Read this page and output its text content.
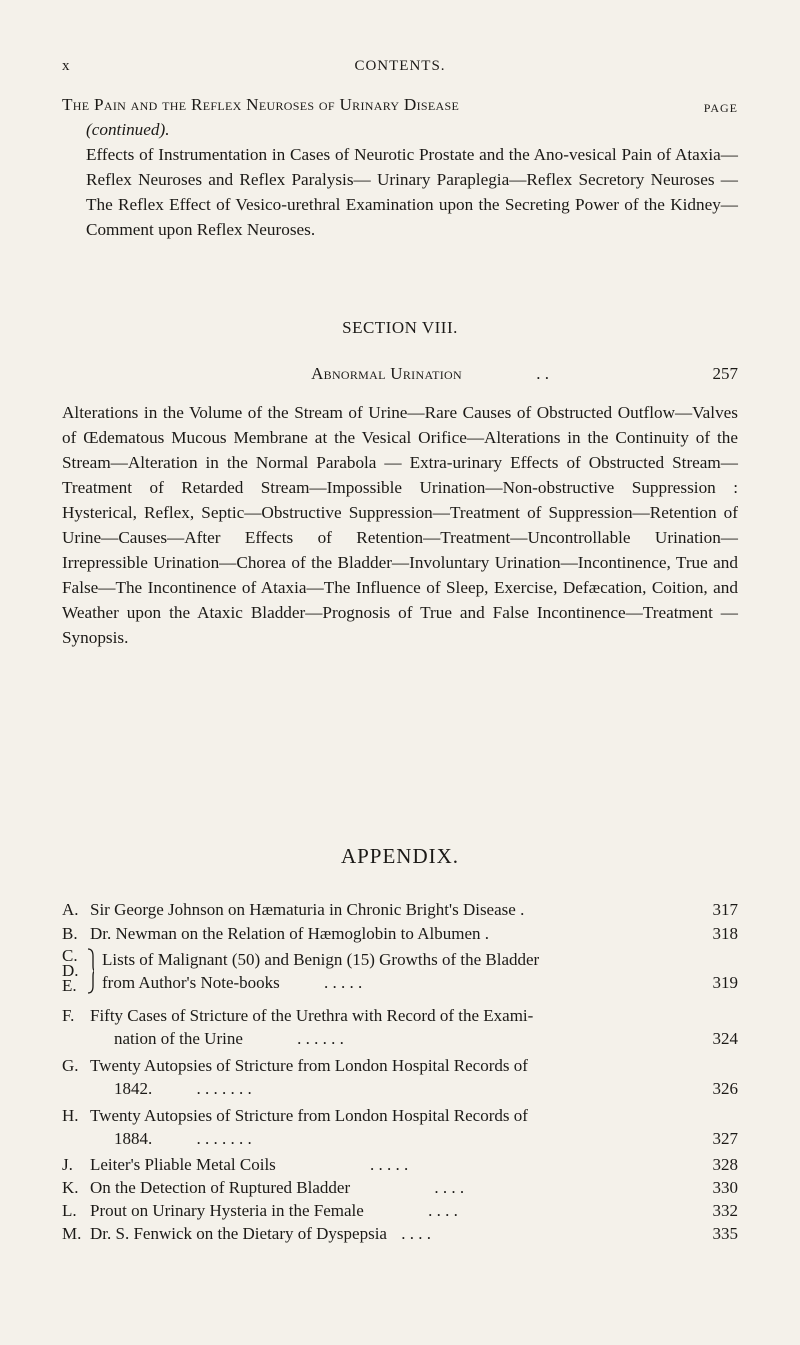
x	CONTENTS.
The Pain and the Reflex Neuroses of Urinary Disease	PAGE
(continued).
Effects of Instrumentation in Cases of Neurotic Prostate and the Ano-vesical Pain of Ataxia—Reflex Neuroses and Reflex Paralysis— Urinary Paraplegia—Reflex Secretory Neuroses — The Reflex Effect of Vesico-urethral Examination upon the Secreting Power of the Kidney—Comment upon Reflex Neuroses.
SECTION VIII.
Abnormal Urination	. .	257
Alterations in the Volume of the Stream of Urine—Rare Causes of Obstructed Outflow—Valves of Œdematous Mucous Membrane at the Vesical Orifice—Alterations in the Continuity of the Stream—Alteration in the Normal Parabola — Extra-urinary Effects of Obstructed Stream—Treatment of Retarded Stream—Impossible Urination—Non-obstructive Suppression : Hysterical, Reflex, Septic—Obstructive Suppression—Treatment of Suppression—Retention of Urine—Causes—After Effects of Retention—Treatment—Uncontrollable Urination—Irrepressible Urination—Chorea of the Bladder—Involuntary Urination—Incontinence, True and False—The Incontinence of Ataxia—The Influence of Sleep, Exercise, Defæcation, Coition, and Weather upon the Ataxic Bladder—Prognosis of True and False Incontinence—Treatment —Synopsis.
APPENDIX.
A. Sir George Johnson on Hæmaturia in Chronic Bright's Disease .	317
B. Dr. Newman on the Relation of Hæmoglobin to Albumen .	318
C.
D.
E.
Lists of Malignant (50) and Benign (15) Growths of the Bladder
from Author's Note-books	. . . . .	319
F. Fifty Cases of Stricture of the Urethra with Record of the Exami-
nation of the Urine	. . . . . .	324
G. Twenty Autopsies of Stricture from London Hospital Records of
1842.	. . . . . . .	326
H. Twenty Autopsies of Stricture from London Hospital Records of
1884.	. . . . . . .	327
J.	Leiter's Pliable Metal Coils	. . . . .	328
K. On the Detection of Ruptured Bladder	. . . .	330
L. Prout on Urinary Hysteria in the Female	. . . .	332
M. Dr. S. Fenwick on the Dietary of Dyspepsia . . . .	335
